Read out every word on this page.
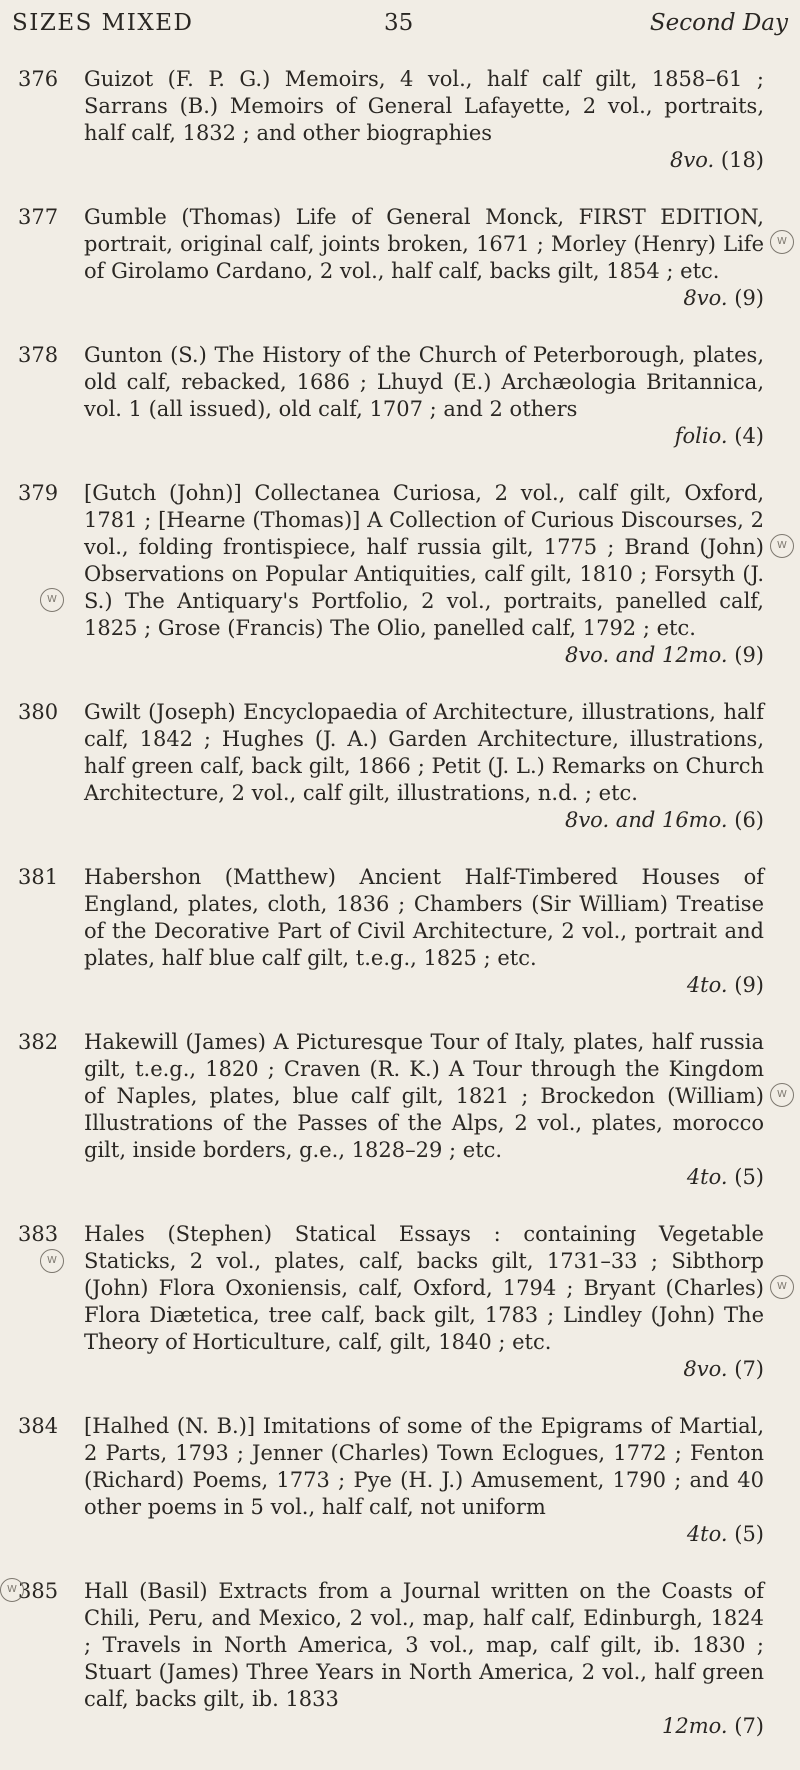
SIZES MIXED	35	Second Day
376 Guizot (F. P. G.) Memoirs, 4 vol., half calf gilt, 1858–61 ; Sarrans (B.) Memoirs of General Lafayette, 2 vol., portraits, half calf, 1832 ; and other biographies
8vo. (18)
377 Gumble (Thomas) Life of General Monck, FIRST EDITION, portrait, original calf, joints broken, 1671 ; Morley (Henry) Life of Girolamo Cardano, 2 vol., half calf, backs gilt, 1854 ; etc.
8vo. (9)
W
378 Gunton (S.) The History of the Church of Peterborough, plates, old calf, rebacked, 1686 ; Lhuyd (E.) Archæologia Britannica, vol. 1 (all issued), old calf, 1707 ; and 2 others
folio. (4)
379 [Gutch (John)] Collectanea Curiosa, 2 vol., calf gilt, Oxford, 1781 ; [Hearne (Thomas)] A Collection of Curious Discourses, 2 vol., folding frontispiece, half russia gilt, 1775 ; Brand (John) Observations on Popular Antiquities, calf gilt, 1810 ; Forsyth (J. S.) The Antiquary's Portfolio, 2 vol., portraits, panelled calf, 1825 ; Grose (Francis) The Olio, panelled calf, 1792 ; etc.
8vo. and 12mo. (9)
W
W
380 Gwilt (Joseph) Encyclopaedia of Architecture, illustrations, half calf, 1842 ; Hughes (J. A.) Garden Architecture, illustrations, half green calf, back gilt, 1866 ; Petit (J. L.) Remarks on Church Architecture, 2 vol., calf gilt, illustrations, n.d. ; etc.
8vo. and 16mo. (6)
381 Habershon (Matthew) Ancient Half-Timbered Houses of England, plates, cloth, 1836 ; Chambers (Sir William) Treatise of the Decorative Part of Civil Architecture, 2 vol., portrait and plates, half blue calf gilt, t.e.g., 1825 ; etc.
4to. (9)
382 Hakewill (James) A Picturesque Tour of Italy, plates, half russia gilt, t.e.g., 1820 ; Craven (R. K.) A Tour through the Kingdom of Naples, plates, blue calf gilt, 1821 ; Brockedon (William) Illustrations of the Passes of the Alps, 2 vol., plates, morocco gilt, inside borders, g.e., 1828–29 ; etc.
4to. (5)
W
383 Hales (Stephen) Statical Essays : containing Vegetable Staticks, 2 vol., plates, calf, backs gilt, 1731–33 ; Sibthorp (John) Flora Oxoniensis, calf, Oxford, 1794 ; Bryant (Charles) Flora Diætetica, tree calf, back gilt, 1783 ; Lindley (John) The Theory of Horticulture, calf, gilt, 1840 ; etc.
8vo. (7)
W
W
384 [Halhed (N. B.)] Imitations of some of the Epigrams of Martial, 2 Parts, 1793 ; Jenner (Charles) Town Eclogues, 1772 ; Fenton (Richard) Poems, 1773 ; Pye (H. J.) Amusement, 1790 ; and 40 other poems in 5 vol., half calf, not uniform
4to. (5)
385 Hall (Basil) Extracts from a Journal written on the Coasts of Chili, Peru, and Mexico, 2 vol., map, half calf, Edinburgh, 1824 ; Travels in North America, 3 vol., map, calf gilt, ib. 1830 ; Stuart (James) Three Years in North America, 2 vol., half green calf, backs gilt, ib. 1833
12mo. (7)
W
